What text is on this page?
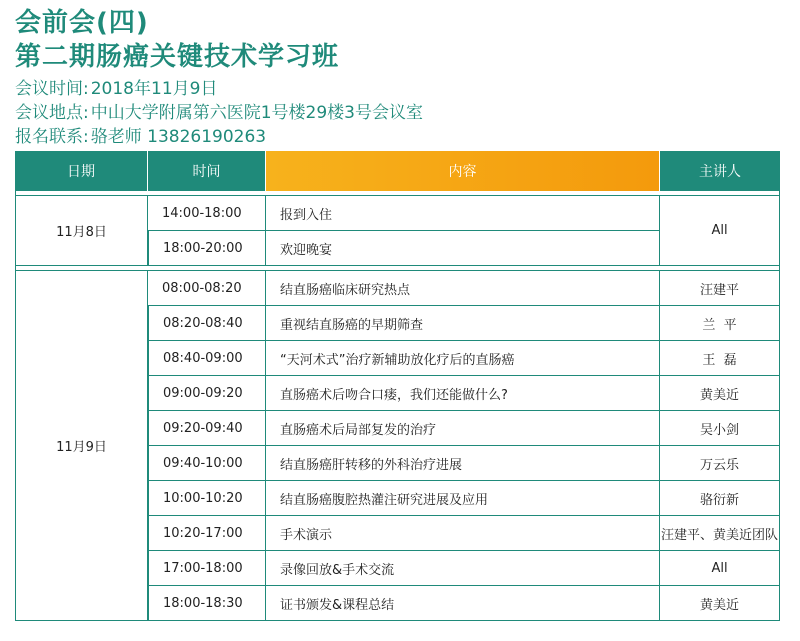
会前会(四)
第二期肠癌关键技术学习班
会议时间: 2018年11月9日
会议地点: 中山大学附属第六医院1号楼29楼3号会议室
报名联系: 骆老师 13826190263
日期	时间	内容	主讲人

11月8日	14:00-18:00	报到入住	All
	18:00-20:00	欢迎晚宴	

11月9日	08:00-08:20	结直肠癌临床研究热点	汪建平
	08:20-08:40	重视结直肠癌的早期筛查	兰  平
	08:40-09:00	“天河术式”治疗新辅助放化疗后的直肠癌	王  磊
	09:00-09:20	直肠癌术后吻合口瘘，我们还能做什么?	黄美近
	09:20-09:40	直肠癌术后局部复发的治疗	吴小剑
	09:40-10:00	结直肠癌肝转移的外科治疗进展	万云乐
	10:00-10:20	结直肠癌腹腔热灌注研究进展及应用	骆衍新
	10:20-17:00	手术演示	汪建平、黄美近团队
	17:00-18:00	录像回放&手术交流	All
	18:00-18:30	证书颁发&课程总结	黄美近
